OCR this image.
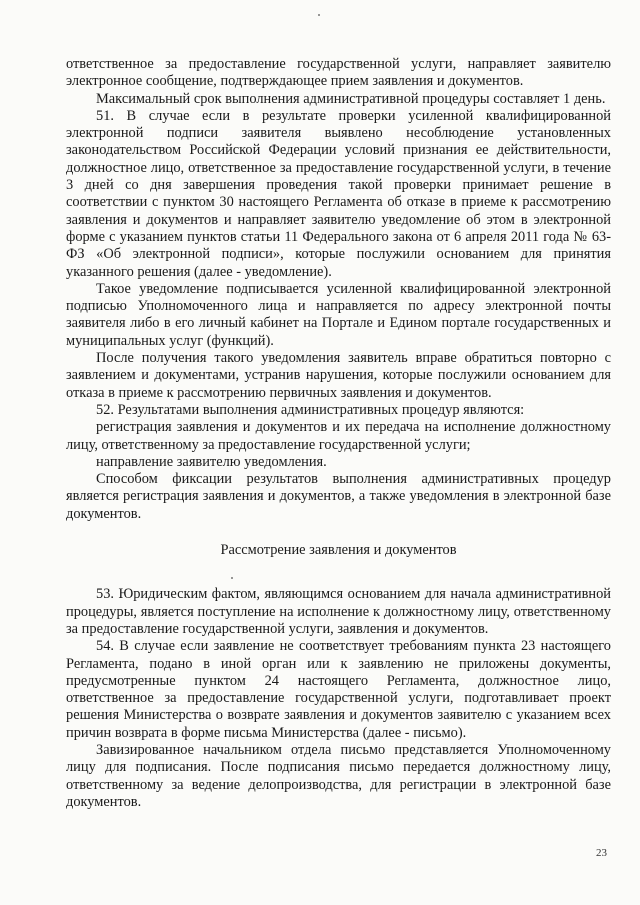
ответственное за предоставление государственной услуги, направляет заявителю электронное сообщение, подтверждающее прием заявления и документов.

Максимальный срок выполнения административной процедуры составляет 1 день.

51. В случае если в результате проверки усиленной квалифицированной электронной подписи заявителя выявлено несоблюдение установленных законодательством Российской Федерации условий признания ее действительности, должностное лицо, ответственное за предоставление государственной услуги, в течение 3 дней со дня завершения проведения такой проверки принимает решение в соответствии с пунктом 30 настоящего Регламента об отказе в приеме к рассмотрению заявления и документов и направляет заявителю уведомление об этом в электронной форме с указанием пунктов статьи 11 Федерального закона от 6 апреля 2011 года № 63-ФЗ «Об электронной подписи», которые послужили основанием для принятия указанного решения (далее - уведомление).

Такое уведомление подписывается усиленной квалифицированной электронной подписью Уполномоченного лица и направляется по адресу электронной почты заявителя либо в его личный кабинет на Портале и Едином портале государственных и муниципальных услуг (функций).

После получения такого уведомления заявитель вправе обратиться повторно с заявлением и документами, устранив нарушения, которые послужили основанием для отказа в приеме к рассмотрению первичных заявления и документов.

52. Результатами выполнения административных процедур являются:

регистрация заявления и документов и их передача на исполнение должностному лицу, ответственному за предоставление государственной услуги;

направление заявителю уведомления.

Способом фиксации результатов выполнения административных процедур является регистрация заявления и документов, а также уведомления в электронной базе документов.

Рассмотрение заявления и документов

53. Юридическим фактом, являющимся основанием для начала административной процедуры, является поступление на исполнение к должностному лицу, ответственному за предоставление государственной услуги, заявления и документов.

54. В случае если заявление не соответствует требованиям пункта 23 настоящего Регламента, подано в иной орган или к заявлению не приложены документы, предусмотренные пунктом 24 настоящего Регламента, должностное лицо, ответственное за предоставление государственной услуги, подготавливает проект решения Министерства о возврате заявления и документов заявителю с указанием всех причин возврата в форме письма Министерства (далее - письмо).

Завизированное начальником отдела письмо представляется Уполномоченному лицу для подписания. После подписания письмо передается должностному лицу, ответственному за ведение делопроизводства, для регистрации в электронной базе документов.

23
